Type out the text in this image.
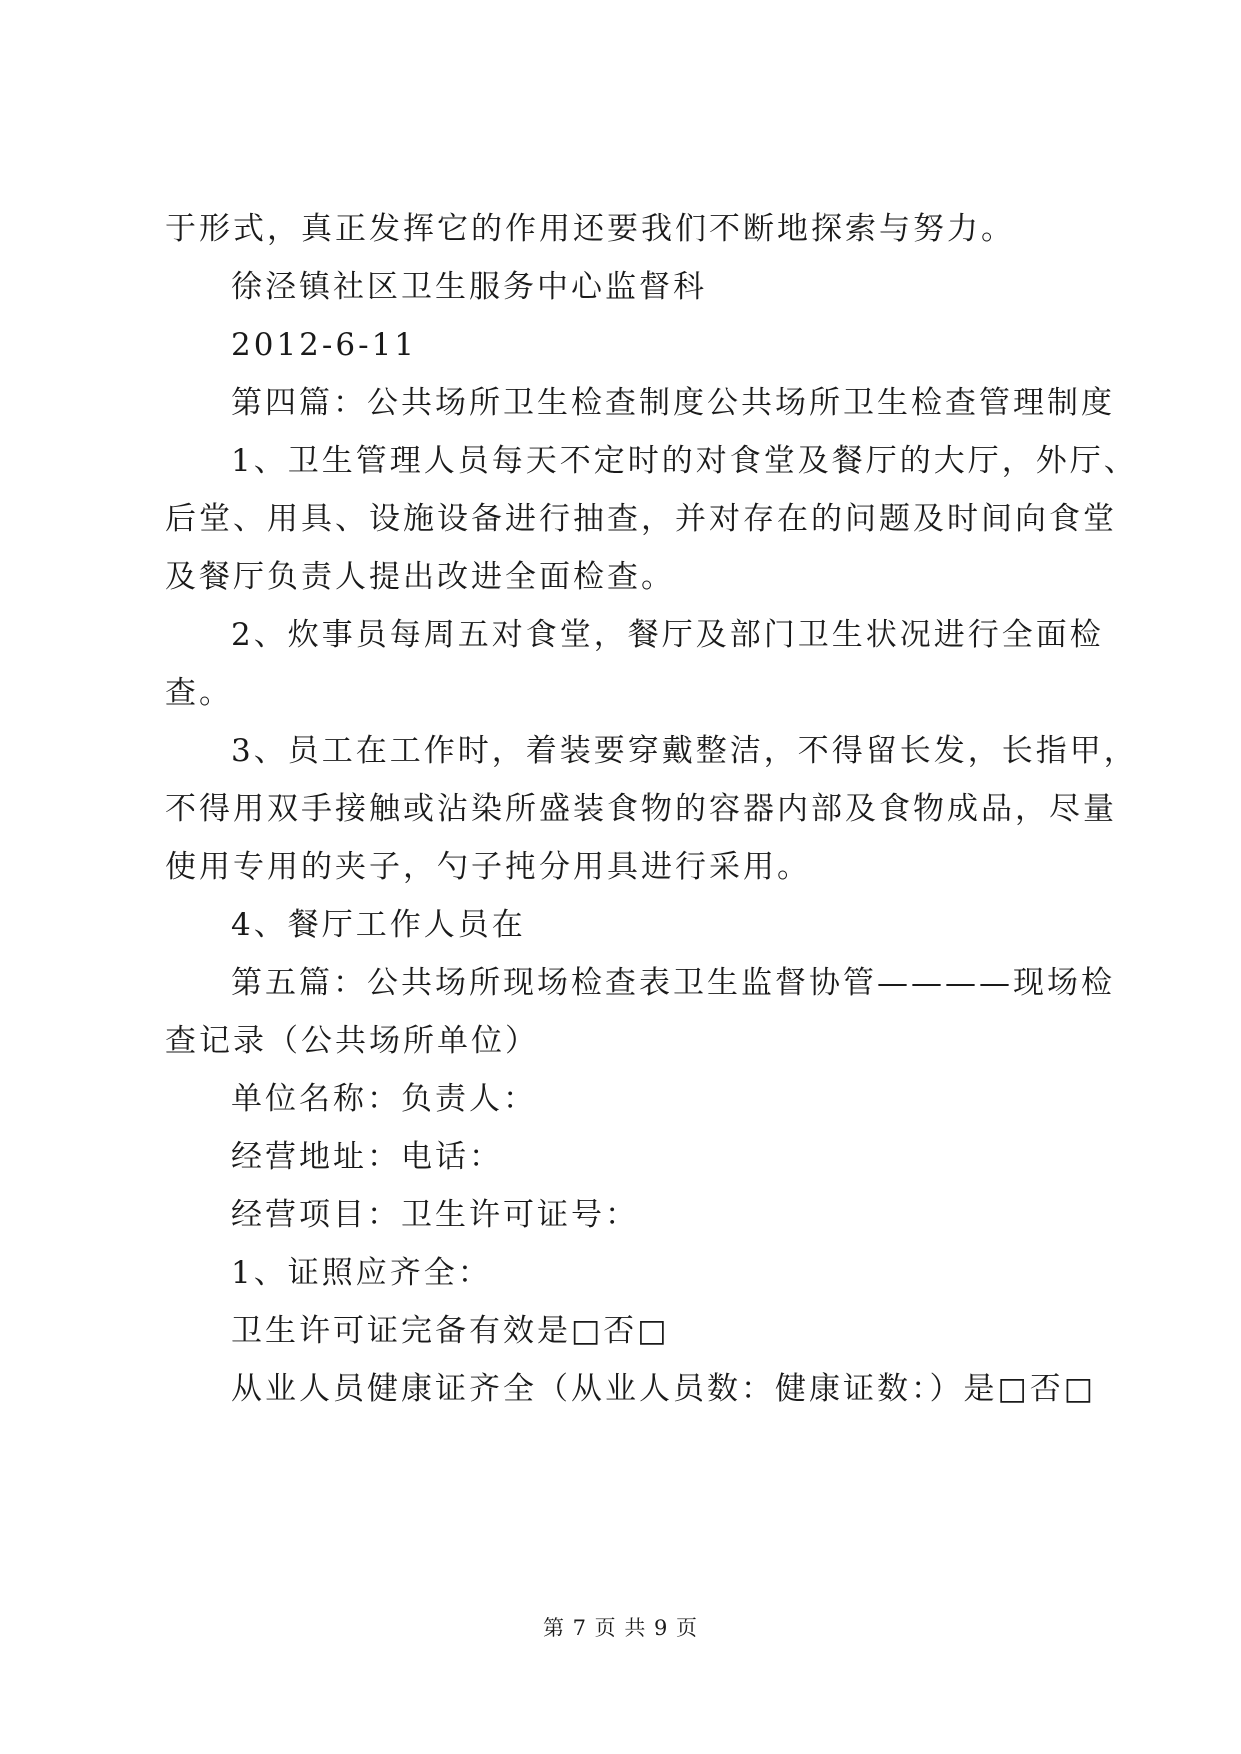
于形式，真正发挥它的作用还要我们不断地探索与努力。
徐泾镇社区卫生服务中心监督科
2012-6-11
第四篇：公共场所卫生检查制度公共场所卫生检查管理制度
1、卫生管理人员每天不定时的对食堂及餐厅的大厅，外厅、
后堂、用具、设施设备进行抽查，并对存在的问题及时间向食堂
及餐厅负责人提出改进全面检查。
2、炊事员每周五对食堂，餐厅及部门卫生状况进行全面检
查。
3、员工在工作时，着装要穿戴整洁，不得留长发，长指甲，
不得用双手接触或沾染所盛装食物的容器内部及食物成品，尽量
使用专用的夹子，勺子扽分用具进行采用。
4、餐厅工作人员在
第五篇：公共场所现场检查表卫生监督协管————现场检
查记录（公共场所单位）
单位名称：负责人：
经营地址：电话：
经营项目：卫生许可证号：
1、证照应齐全：
卫生许可证完备有效是□否□
从业人员健康证齐全（从业人员数：健康证数：）是□否□
第 7 页 共 9 页
